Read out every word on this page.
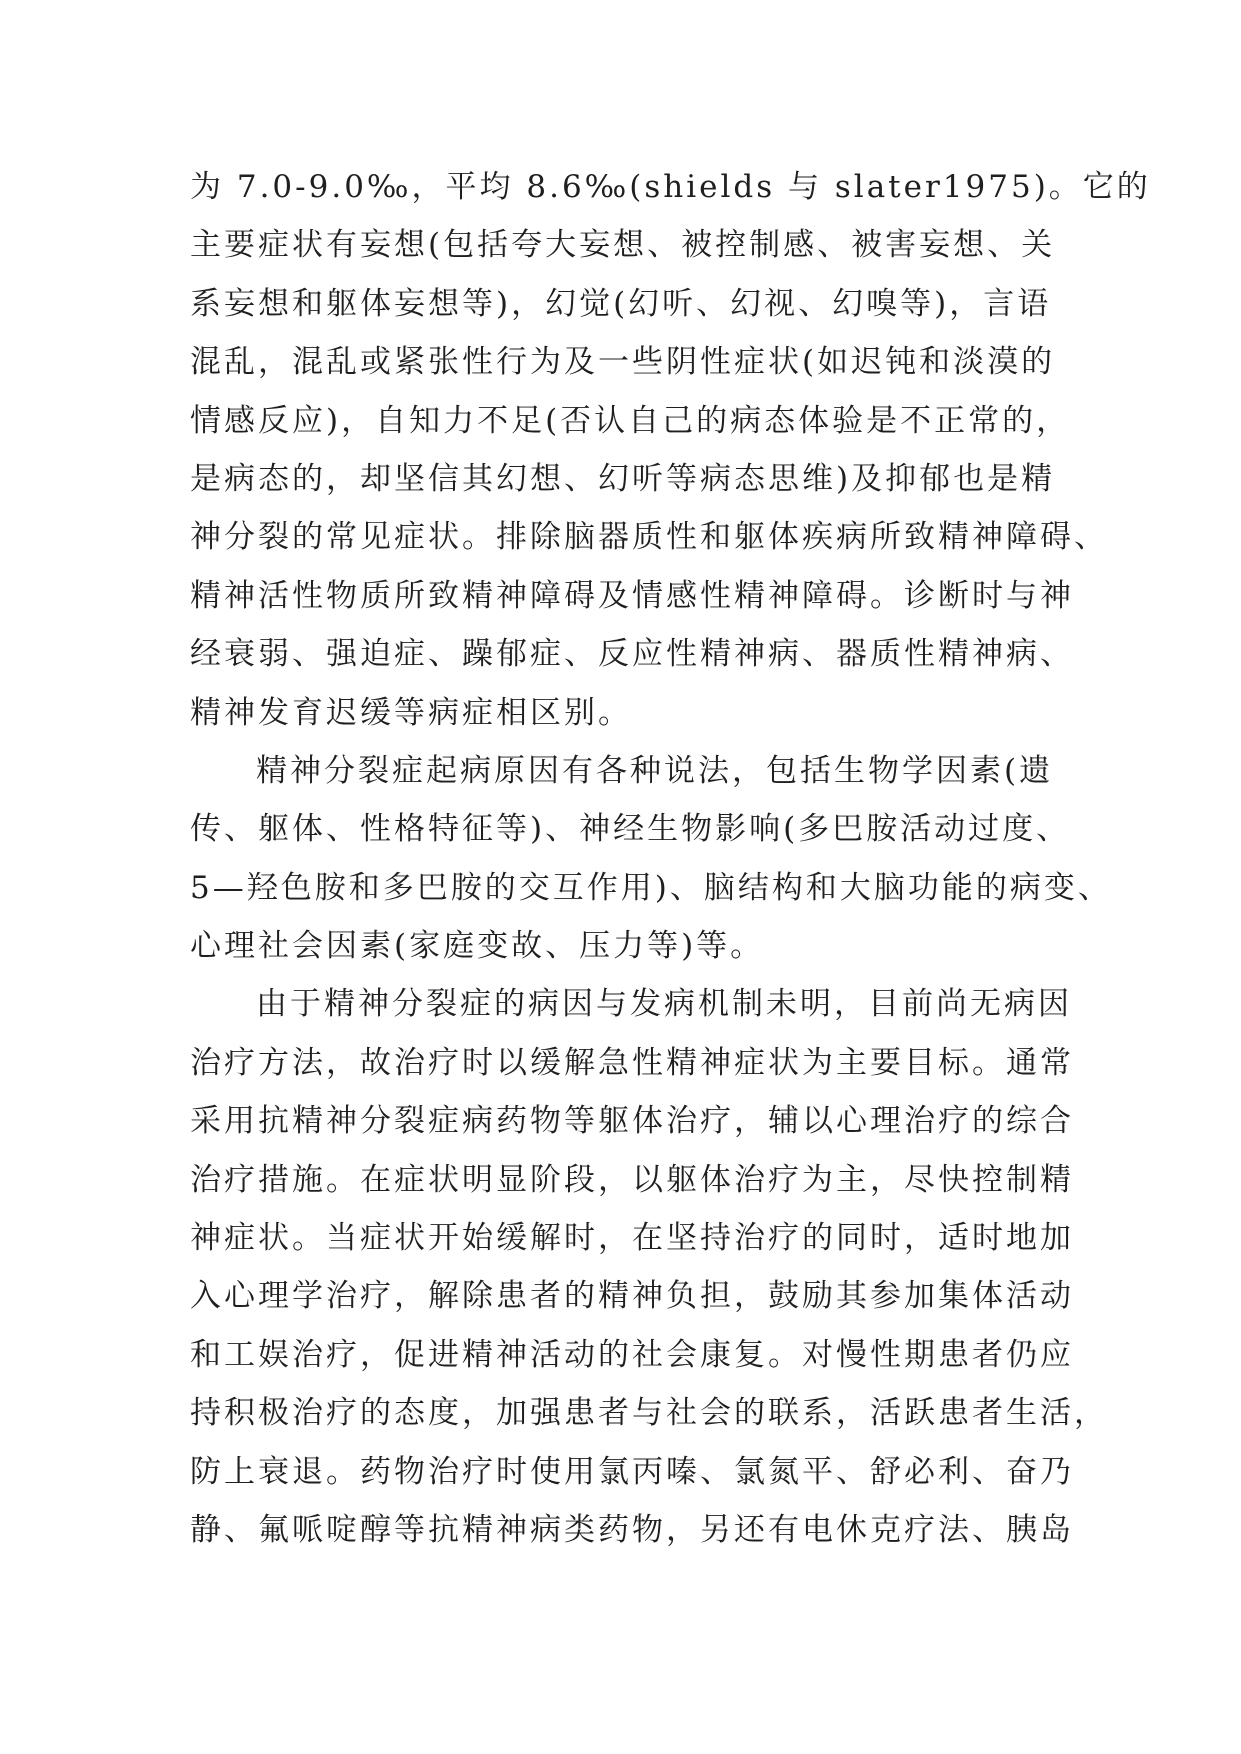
为 7.0-9.0‰，平均 8.6‰(shields 与 slater1975)。它的
主要症状有妄想(包括夸大妄想、被控制感、被害妄想、关
系妄想和躯体妄想等)，幻觉(幻听、幻视、幻嗅等)，言语
混乱，混乱或紧张性行为及一些阴性症状(如迟钝和淡漠的
情感反应)，自知力不足(否认自己的病态体验是不正常的，
是病态的，却坚信其幻想、幻听等病态思维)及抑郁也是精
神分裂的常见症状。排除脑器质性和躯体疾病所致精神障碍、
精神活性物质所致精神障碍及情感性精神障碍。诊断时与神
经衰弱、强迫症、躁郁症、反应性精神病、器质性精神病、
精神发育迟缓等病症相区别。
精神分裂症起病原因有各种说法，包括生物学因素(遗
传、躯体、性格特征等)、神经生物影响(多巴胺活动过度、
5—羟色胺和多巴胺的交互作用)、脑结构和大脑功能的病变、
心理社会因素(家庭变故、压力等)等。
由于精神分裂症的病因与发病机制未明，目前尚无病因
治疗方法，故治疗时以缓解急性精神症状为主要目标。通常
采用抗精神分裂症病药物等躯体治疗，辅以心理治疗的综合
治疗措施。在症状明显阶段，以躯体治疗为主，尽快控制精
神症状。当症状开始缓解时，在坚持治疗的同时，适时地加
入心理学治疗，解除患者的精神负担，鼓励其参加集体活动
和工娱治疗，促进精神活动的社会康复。对慢性期患者仍应
持积极治疗的态度，加强患者与社会的联系，活跃患者生活，
防上衰退。药物治疗时使用氯丙嗪、氯氮平、舒必利、奋乃
静、氟哌啶醇等抗精神病类药物，另还有电休克疗法、胰岛
